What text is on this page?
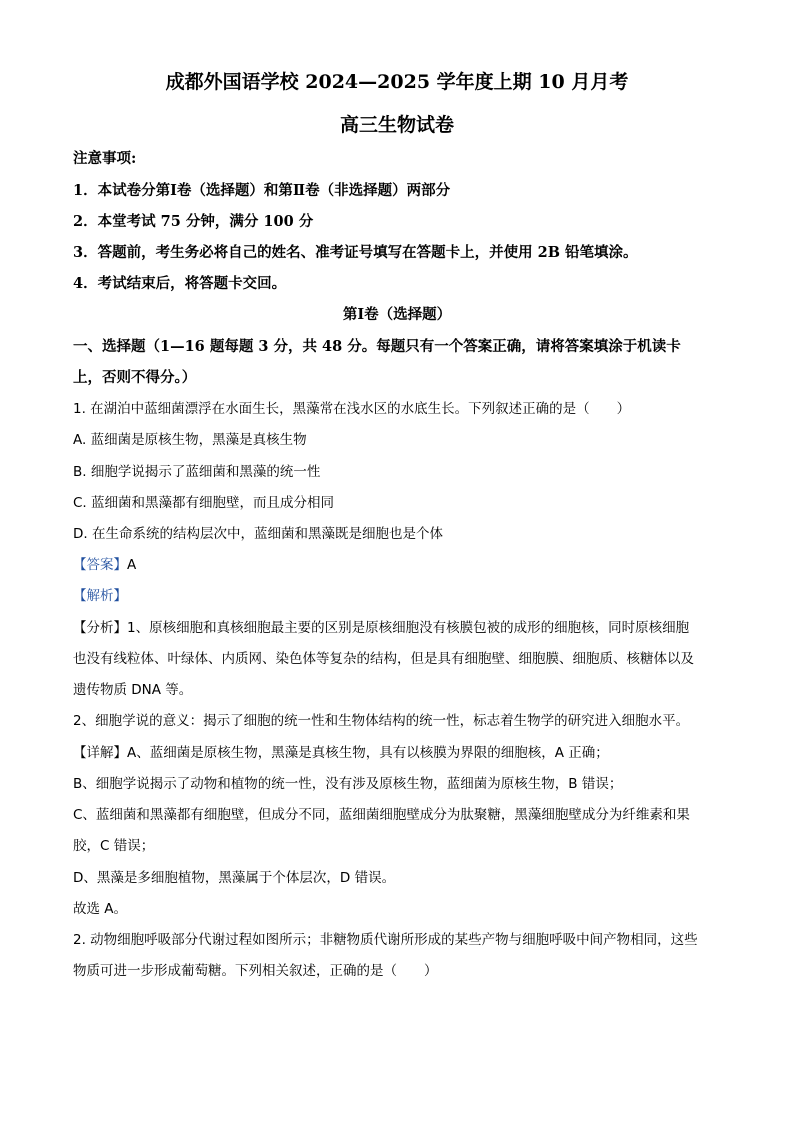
成都外国语学校 2024—2025 学年度上期 10 月月考
高三生物试卷
注意事项:
1．本试卷分第Ⅰ卷（选择题）和第Ⅱ卷（非选择题）两部分
2．本堂考试 75 分钟，满分 100 分
3．答题前，考生务必将自己的姓名、准考证号填写在答题卡上，并使用 2B 铅笔填涂。
4．考试结束后，将答题卡交回。
第Ⅰ卷（选择题）
一、选择题（1—16 题每题 3 分，共 48 分。每题只有一个答案正确，请将答案填涂于机读卡
上，否则不得分。）
1. 在湖泊中蓝细菌漂浮在水面生长，黑藻常在浅水区的水底生长。下列叙述正确的是（　　）
A. 蓝细菌是原核生物，黑藻是真核生物
B. 细胞学说揭示了蓝细菌和黑藻的统一性
C. 蓝细菌和黑藻都有细胞壁，而且成分相同
D. 在生命系统的结构层次中，蓝细菌和黑藻既是细胞也是个体
【答案】A
【解析】
【分析】1、原核细胞和真核细胞最主要的区别是原核细胞没有核膜包被的成形的细胞核，同时原核细胞
也没有线粒体、叶绿体、内质网、染色体等复杂的结构，但是具有细胞壁、细胞膜、细胞质、核糖体以及
遗传物质 DNA 等。
2、细胞学说的意义：揭示了细胞的统一性和生物体结构的统一性，标志着生物学的研究进入细胞水平。
【详解】A、蓝细菌是原核生物，黑藻是真核生物，具有以核膜为界限的细胞核，A 正确；
B、细胞学说揭示了动物和植物的统一性，没有涉及原核生物，蓝细菌为原核生物，B 错误；
C、蓝细菌和黑藻都有细胞壁，但成分不同，蓝细菌细胞壁成分为肽聚糖，黑藻细胞壁成分为纤维素和果
胶，C 错误；
D、黑藻是多细胞植物，黑藻属于个体层次，D 错误。
故选 A。
2. 动物细胞呼吸部分代谢过程如图所示；非糖物质代谢所形成的某些产物与细胞呼吸中间产物相同，这些
物质可进一步形成葡萄糖。下列相关叙述，正确的是（　　）
